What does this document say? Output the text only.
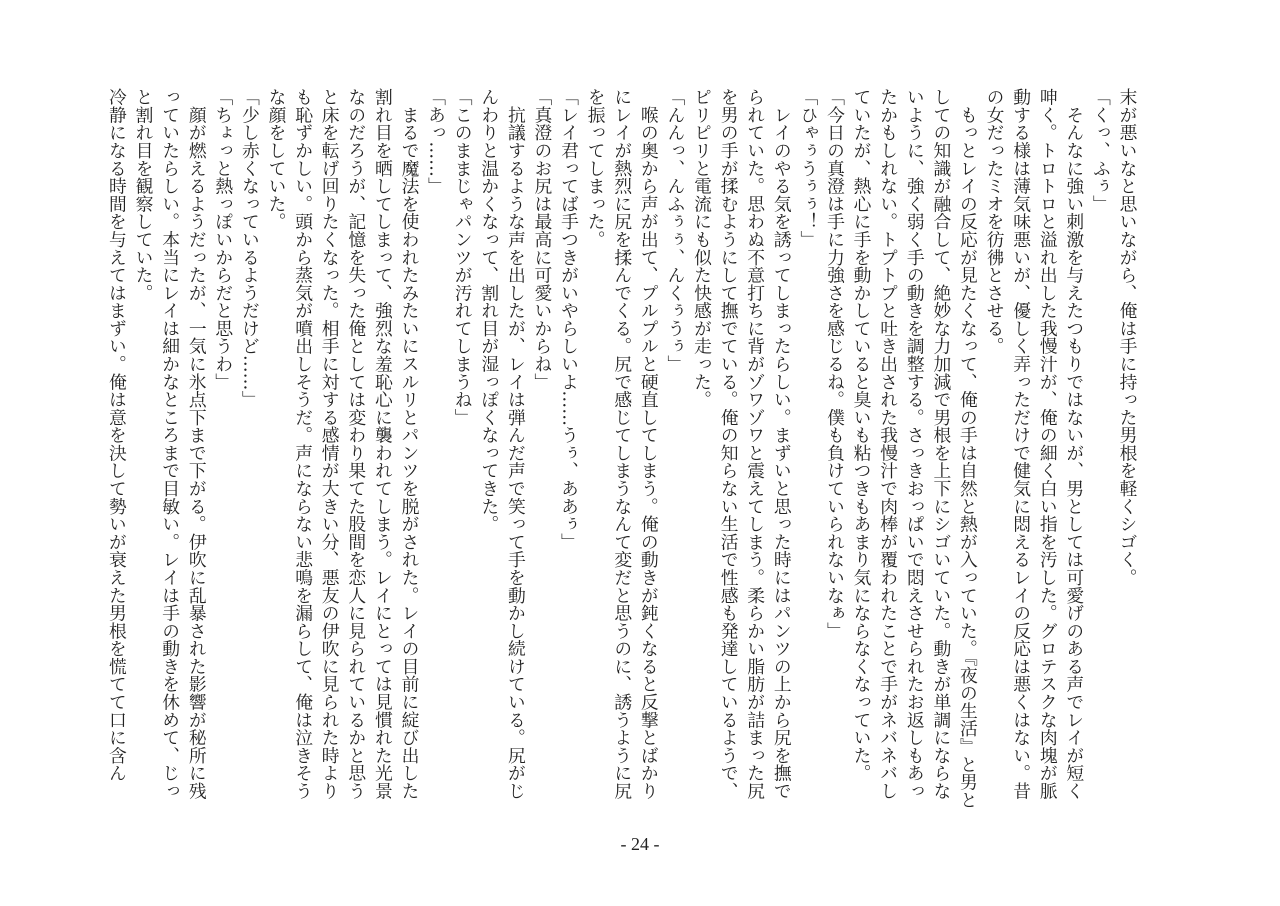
末が悪いなと思いながら、俺は手に持った男根を軽くシゴく。
「くっ、ふぅ」
　そんなに強い刺激を与えたつもりではないが、男としては可愛げのある声でレイが短く
呻く。トロトロと溢れ出した我慢汁が、俺の細く白い指を汚した。グロテスクな肉塊が脈
動する様は薄気味悪いが、優しく弄っただけで健気に悶えるレイの反応は悪くはない。昔
の女だったミオを彷彿とさせる。
　もっとレイの反応が見たくなって、俺の手は自然と熱が入っていた。『夜の生活』と男と
しての知識が融合して、絶妙な力加減で男根を上下にシゴいていた。動きが単調にならな
いように、強く弱く手の動きを調整する。さっきおっぱいで悶えさせられたお返しもあっ
たかもしれない。トプトプと吐き出された我慢汁で肉棒が覆われたことで手がネバネバし
ていたが、熱心に手を動かしていると臭いも粘つきもあまり気にならなくなっていた。
「今日の真澄は手に力強さを感じるね。僕も負けていられないなぁ」
「ひゃぅうぅぅ！」
　レイのやる気を誘ってしまったらしい。まずいと思った時にはパンツの上から尻を撫で
られていた。思わぬ不意打ちに背がゾワゾワと震えてしまう。柔らかい脂肪が詰まった尻
を男の手が揉むようにして撫でている。俺の知らない生活で性感も発達しているようで、
ピリピリと電流にも似た快感が走った。
「んんっ、んふぅぅ、んくぅうぅ」
　喉の奥から声が出て、プルプルと硬直してしまう。俺の動きが鈍くなると反撃とばかり
にレイが熱烈に尻を揉んでくる。尻で感じてしまうなんて変だと思うのに、誘うように尻
を振ってしまった。
「レイ君ってば手つきがいやらしいよ……うぅ、ああぅ」
「真澄のお尻は最高に可愛いからね」
　抗議するような声を出したが、レイは弾んだ声で笑って手を動かし続けている。尻がじ
んわりと温かくなって、割れ目が湿っぽくなってきた。
「このままじゃパンツが汚れてしまうね」
「あっ……」
　まるで魔法を使われたみたいにスルリとパンツを脱がされた。レイの目前に綻び出した
割れ目を晒してしまって、強烈な羞恥心に襲われてしまう。レイにとっては見慣れた光景
なのだろうが、記憶を失った俺としては変わり果てた股間を恋人に見られているかと思う
と床を転げ回りたくなった。相手に対する感情が大きい分、悪友の伊吹に見られた時より
も恥ずかしい。頭から蒸気が噴出しそうだ。声にならない悲鳴を漏らして、俺は泣きそう
な顔をしていた。
「少し赤くなっているようだけど……」
「ちょっと熱っぽいからだと思うわ」
　顔が燃えるようだったが、一気に氷点下まで下がる。伊吹に乱暴された影響が秘所に残
っていたらしい。本当にレイは細かなところまで目敏い。レイは手の動きを休めて、じっ
と割れ目を観察していた。
冷静になる時間を与えてはまずい。俺は意を決して勢いが衰えた男根を慌てて口に含ん
- 24 -
